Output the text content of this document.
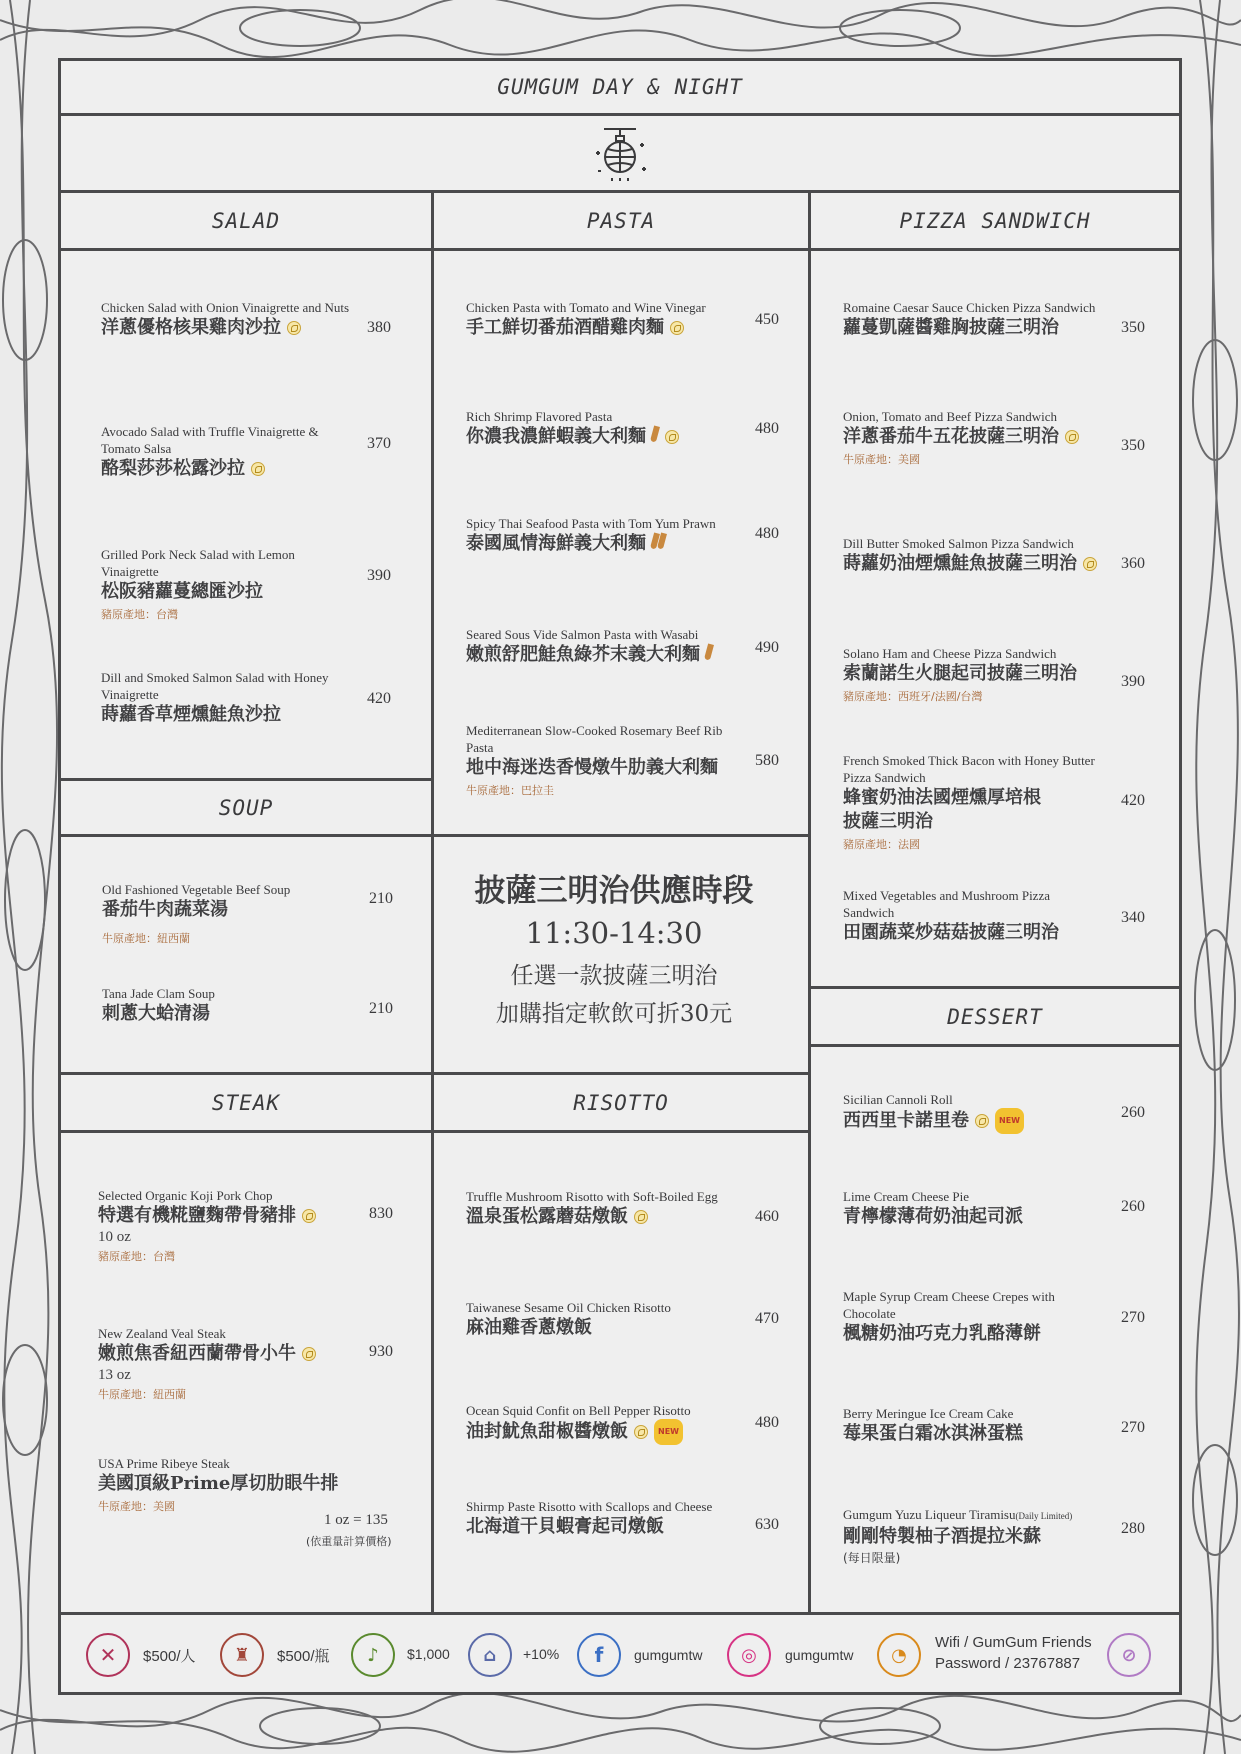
GUMGUM DAY & NIGHT
SALAD	PASTA	PIZZA SANDWICH
SOUP
STEAK	RISOTTO
DESSERT
Chicken Salad with Onion Vinaigrette and Nuts
洋蔥優格核果雞肉沙拉	380
Avocado Salad with Truffle Vinaigrette & Tomato Salsa
酪梨莎莎松露沙拉
370
Grilled Pork Neck Salad with Lemon Vinaigrette
松阪豬蘿蔓總匯沙拉
豬原產地：台灣
390
Dill and Smoked Salmon Salad with Honey Vinaigrette
蒔蘿香草煙燻鮭魚沙拉
420
Old Fashioned Vegetable Beef Soup
番茄牛肉蔬菜湯
牛原產地：紐西蘭
210
Tana Jade Clam Soup
刺蔥大蛤清湯	210
Chicken Pasta with Tomato and Wine Vinegar
手工鮮切番茄酒醋雞肉麵	450
Rich Shrimp Flavored Pasta
你濃我濃鮮蝦義大利麵	480
Spicy Thai Seafood Pasta with Tom Yum Prawn
泰國風情海鮮義大利麵	480
Seared Sous Vide Salmon Pasta with Wasabi
嫩煎舒肥鮭魚綠芥末義大利麵	490
Mediterranean Slow-Cooked Rosemary Beef Rib Pasta
地中海迷迭香慢燉牛肋義大利麵
牛原產地：巴拉圭
580
披薩三明治供應時段
11:30-14:30
任選一款披薩三明治
加購指定軟飲可折30元
Romaine Caesar Sauce Chicken Pizza Sandwich
蘿蔓凱薩醬雞胸披薩三明治	350
Onion, Tomato and Beef Pizza Sandwich
洋蔥番茄牛五花披薩三明治
牛原產地：美國
350
Dill Butter Smoked Salmon Pizza Sandwich
蒔蘿奶油煙燻鮭魚披薩三明治	360
Solano Ham and Cheese Pizza Sandwich
索蘭諾生火腿起司披薩三明治
豬原產地：西班牙/法國/台灣
390
French Smoked Thick Bacon with Honey Butter Pizza Sandwich
蜂蜜奶油法國煙燻厚培根
披薩三明治
豬原產地：法國
420
Mixed Vegetables and Mushroom Pizza Sandwich
田園蔬菜炒菇菇披薩三明治
340
Selected Organic Koji Pork Chop
特選有機糀鹽麴帶骨豬排
10 oz
豬原產地：台灣
830
New Zealand Veal Steak
嫩煎焦香紐西蘭帶骨小牛
13 oz
牛原產地：紐西蘭
930
USA Prime Ribeye Steak
美國頂級Prime厚切肋眼牛排
牛原產地：美國
1 oz = 135
(依重量計算價格)
Truffle Mushroom Risotto with Soft-Boiled Egg
溫泉蛋松露蘑菇燉飯	460
Taiwanese Sesame Oil Chicken Risotto
麻油雞香蔥燉飯	470
Ocean Squid Confit on Bell Pepper Risotto
油封魷魚甜椒醬燉飯	NEW
480
Shirmp Paste Risotto with Scallops and Cheese
北海道干貝蝦膏起司燉飯	630
Sicilian Cannoli Roll
西西里卡諾里卷	NEW	260
Lime Cream Cheese Pie
青檸檬薄荷奶油起司派	260
Maple Syrup Cream Cheese Crepes with Chocolate
楓糖奶油巧克力乳酪薄餅
270
Berry Meringue Ice Cream Cake
莓果蛋白霜冰淇淋蛋糕	270
Gumgum Yuzu Liqueur Tiramisu(Daily Limited)
剛剛特製柚子酒提拉米蘇
(每日限量)
280
✕	$500/人	♜	$500/瓶	♪	$1,000	⌂	+10%	f	gumgumtw	◎	gumgumtw	◔
Wifi / GumGum Friends
Password / 23767887	⊘
